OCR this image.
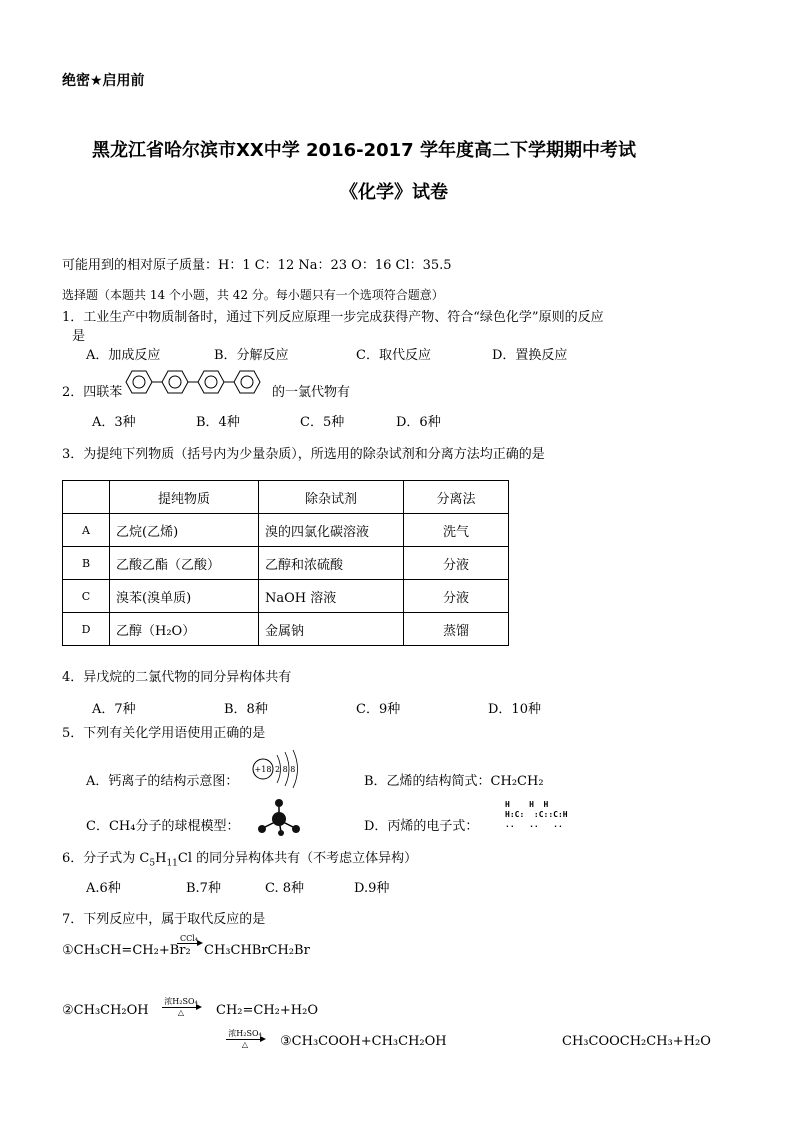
绝密★启用前
黑龙江省哈尔滨市XX中学 2016-2017 学年度高二下学期期中考试
《化学》试卷
可能用到的相对原子质量：H：1 C：12 Na：23 O：16 Cl：35.5
选择题（本题共 14 个小题，共 42 分。每小题只有一个选项符合题意）
1．工业生产中物质制备时，通过下列反应原理一步完成获得产物、符合“绿色化学”原则的反应
是
A．加成反应	B．分解反应	C．取代反应	D．置换反应
2．四联苯	的一氯代物有
A．3种	B．4种	C．5种	D．6种
3．为提纯下列物质（括号内为少量杂质），所选用的除杂试剂和分离方法均正确的是
	提纯物质	除杂试剂	分离法
A	乙烷(乙烯)	溴的四氯化碳溶液	洗气
B	乙酸乙酯（乙酸）	乙醇和浓硫酸	分液
C	溴苯(溴单质)	NaOH 溶液	分液
D	乙醇（H₂O）	金属钠	蒸馏
4．异戊烷的二氯代物的同分异构体共有
A．7种	B．8种	C．9种	D．10种
5．下列有关化学用语使用正确的是
A．钙离子的结构示意图：
+18 2 8 8
B．乙烯的结构简式：CH₂CH₂
C．CH₄分子的球棍模型：	D．丙烯的电子式：
H    H  H
H:C:  :C::C:H
..   ..   ..
6．分子式为 $C_5H_{11}Cl$ 的同分异构体共有（不考虑立体异构）
A.6种	B.7种	C. 8种	D.9种
7．下列反应中，属于取代反应的是
①CH₃CH=CH₂+Br₂
CCl₄
CH₃CHBrCH₂Br
②CH₃CH₂OH
浓H₂SO₄
△	CH₂=CH₂+H₂O
浓H₂SO₄
△	③CH₃COOH+CH₃CH₂OH	CH₃COOCH₂CH₃+H₂O
